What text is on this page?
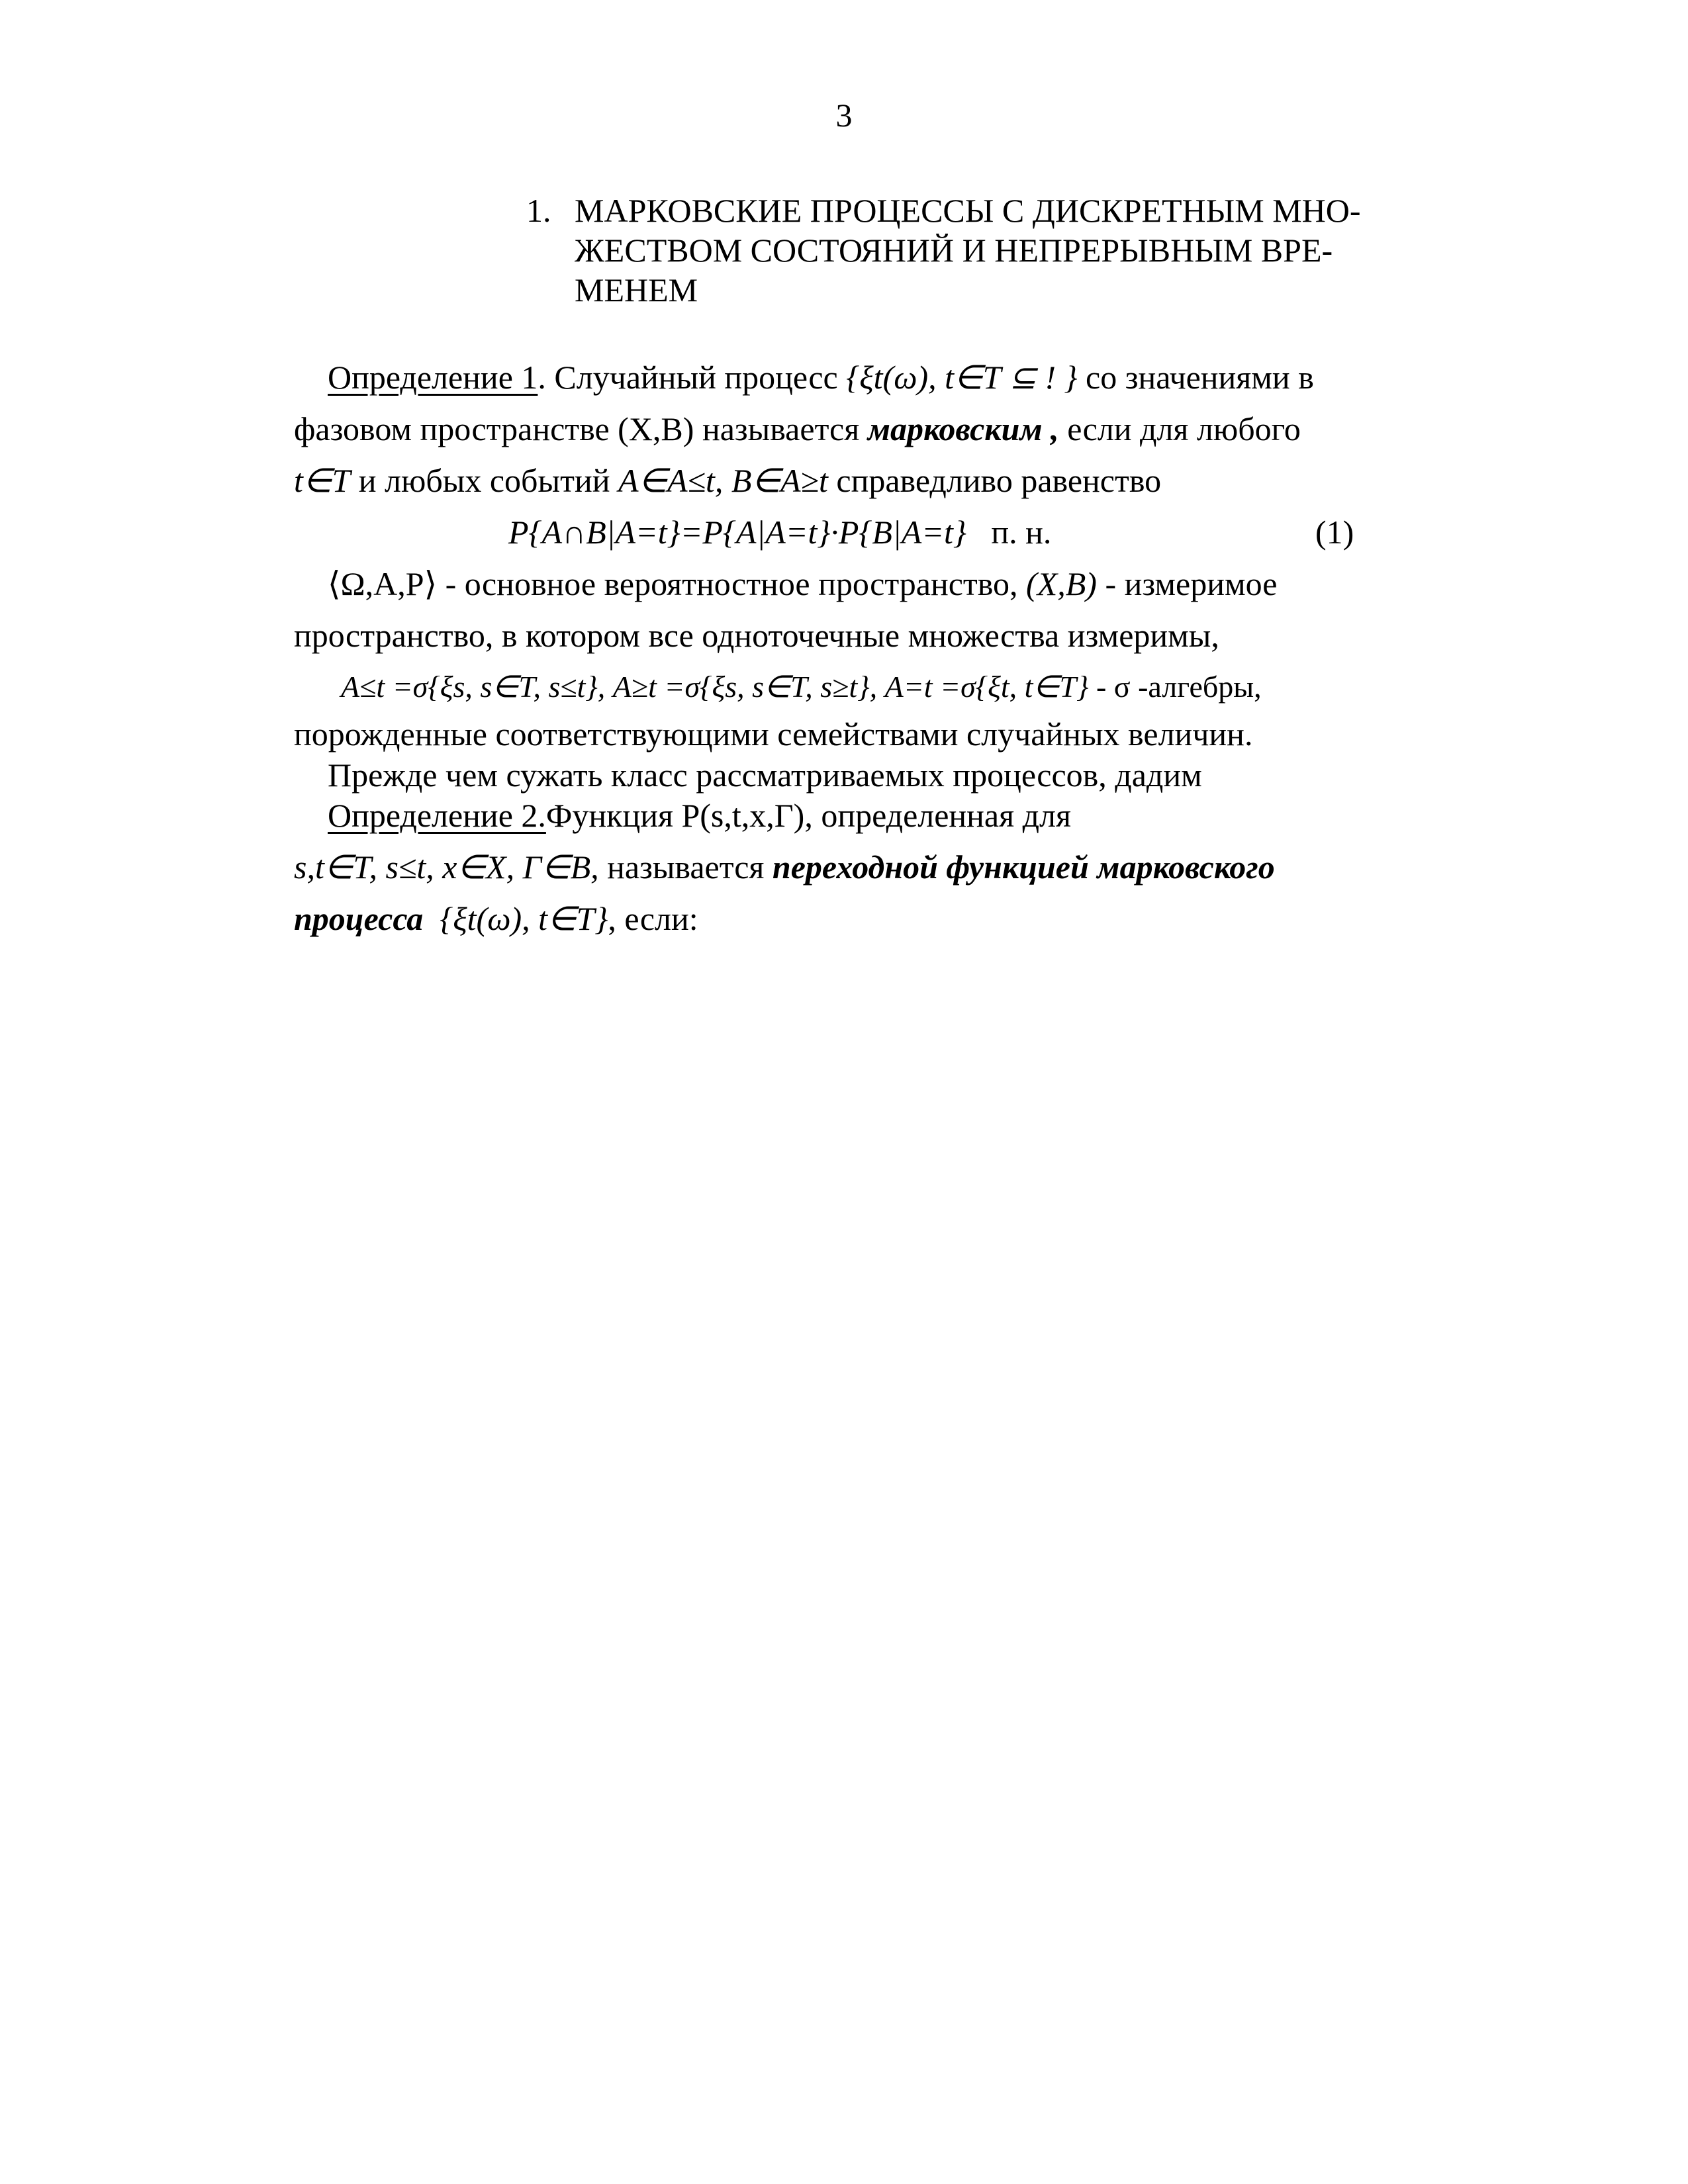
3
1. МАРКОВСКИЕ ПРОЦЕССЫ С ДИСКРЕТНЫМ МНО-
ЖЕСТВОМ СОСТОЯНИЙ И НЕПРЕРЫВНЫМ ВРЕ-
МЕНЕМ
Определение 1. Случайный процесс {ξt(ω), t∈T ⊆ ! } со значениями в
фазовом пространстве (X,B) называется марковским , если для любого
t∈T и любых событий A∈A≤t, B∈A≥t справедливо равенство
P{A∩B|A=t}=P{A|A=t}·P{B|A=t} п. н.	(1)
⟨Ω,A,P⟩ - основное вероятностное пространство, (X,B) - измеримое
пространство, в котором все одноточечные множества измеримы,
A≤t =σ{ξs, s∈T, s≤t}, A≥t =σ{ξs, s∈T, s≥t}, A=t =σ{ξt, t∈T} - σ -алгебры,
порожденные соответствующими семействами случайных величин.
Прежде чем сужать класс рассматриваемых процессов, дадим
Определение 2.Функция P(s,t,x,Γ), определенная для
s,t∈T, s≤t, x∈X, Γ∈B, называется переходной функцией марковского
процесса {ξt(ω), t∈T}, если:
